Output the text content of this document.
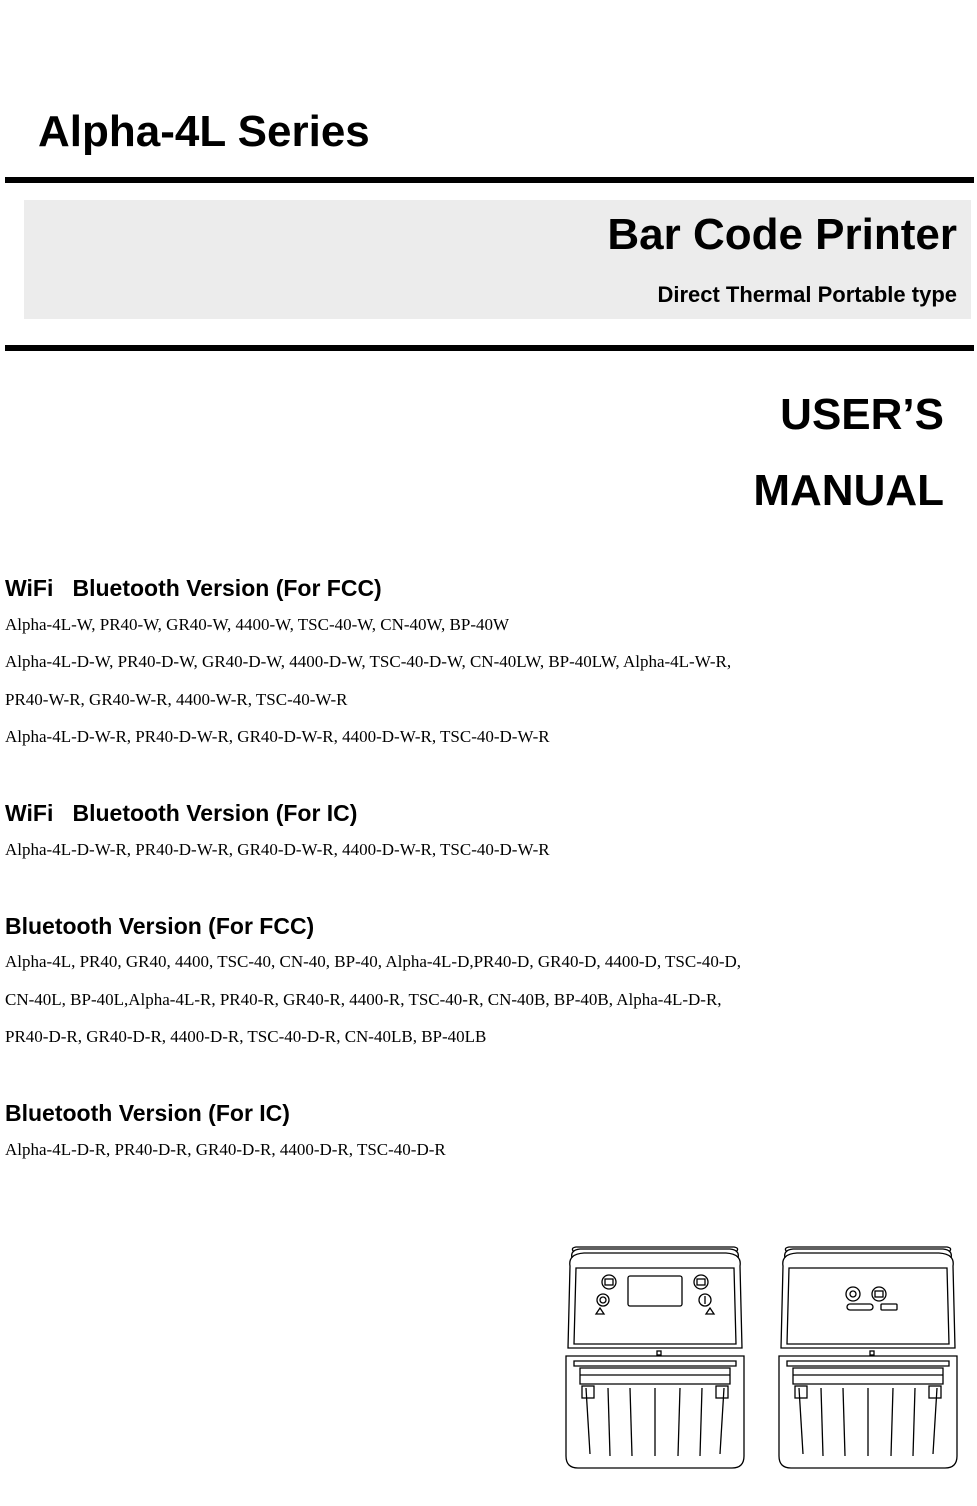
Alpha-4L Series
Bar Code Printer
Direct Thermal Portable type
USER’S
MANUAL
WiFi   Bluetooth Version (For FCC)
Alpha-4L-W, PR40-W, GR40-W, 4400-W, TSC-40-W, CN-40W, BP-40W
Alpha-4L-D-W, PR40-D-W, GR40-D-W, 4400-D-W, TSC-40-D-W, CN-40LW, BP-40LW, Alpha-4L-W-R,
PR40-W-R, GR40-W-R, 4400-W-R, TSC-40-W-R
Alpha-4L-D-W-R, PR40-D-W-R, GR40-D-W-R, 4400-D-W-R, TSC-40-D-W-R
WiFi   Bluetooth Version (For IC)
Alpha-4L-D-W-R, PR40-D-W-R, GR40-D-W-R, 4400-D-W-R, TSC-40-D-W-R
Bluetooth Version (For FCC)
Alpha-4L, PR40, GR40, 4400, TSC-40, CN-40, BP-40, Alpha-4L-D,PR40-D, GR40-D, 4400-D, TSC-40-D,
CN-40L, BP-40L,Alpha-4L-R, PR40-R, GR40-R, 4400-R, TSC-40-R, CN-40B, BP-40B, Alpha-4L-D-R,
PR40-D-R, GR40-D-R, 4400-D-R, TSC-40-D-R, CN-40LB, BP-40LB
Bluetooth Version (For IC)
Alpha-4L-D-R, PR40-D-R, GR40-D-R, 4400-D-R, TSC-40-D-R
